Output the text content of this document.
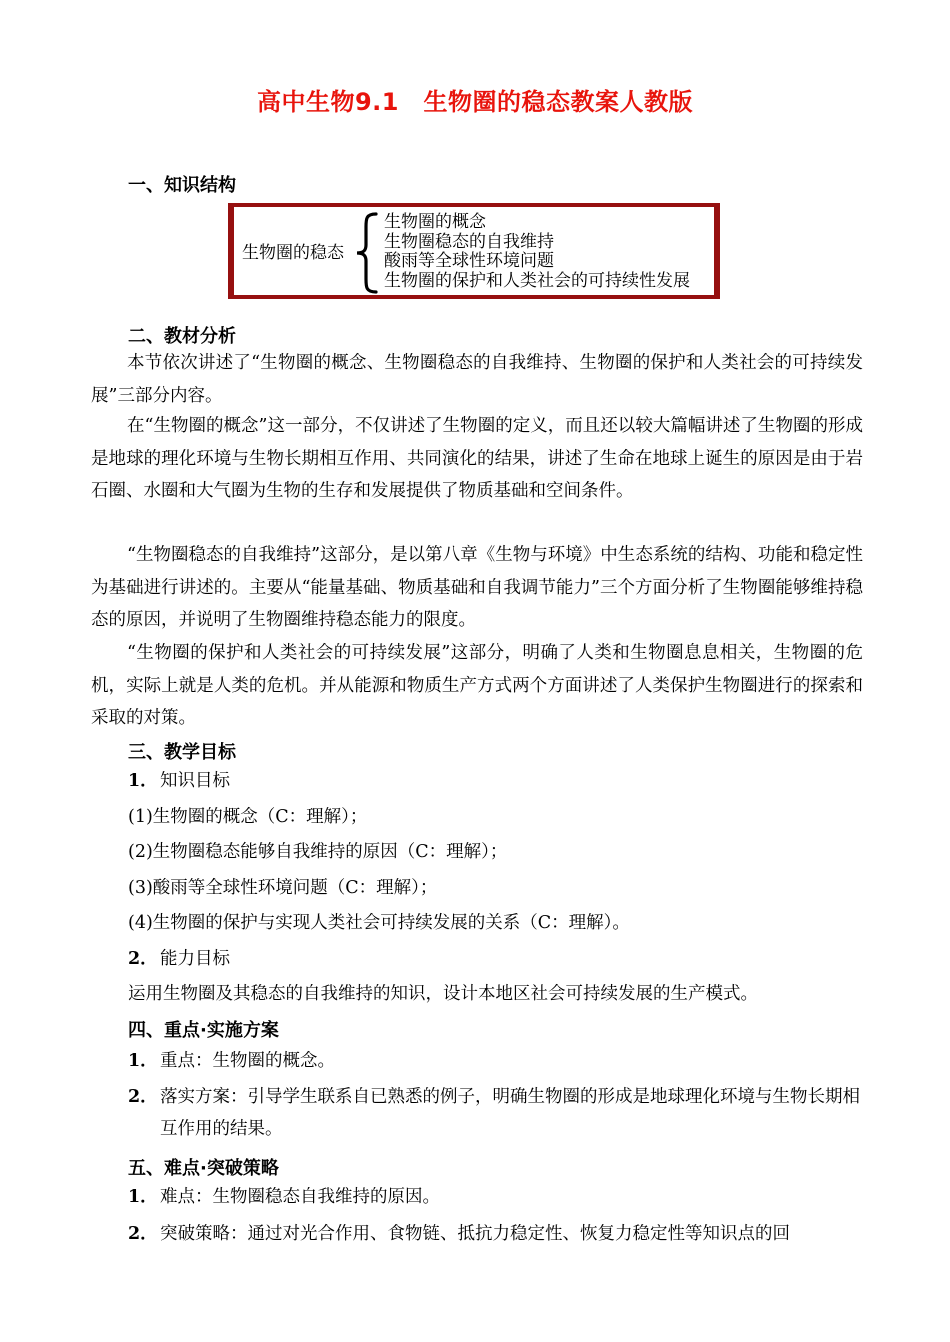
高中生物9.1　生物圈的稳态教案人教版
一、知识结构
生物圈的稳态
生物圈的概念
生物圈稳态的自我维持
酸雨等全球性环境问题
生物圈的保护和人类社会的可持续性发展
二、教材分析
本节依次讲述了“生物圈的概念、生物圈稳态的自我维持、生物圈的保护和人类社会的可持续发展”三部分内容。
在“生物圈的概念”这一部分，不仅讲述了生物圈的定义，而且还以较大篇幅讲述了生物圈的形成是地球的理化环境与生物长期相互作用、共同演化的结果，讲述了生命在地球上诞生的原因是由于岩石圈、水圈和大气圈为生物的生存和发展提供了物质基础和空间条件。
“生物圈稳态的自我维持”这部分，是以第八章《生物与环境》中生态系统的结构、功能和稳定性为基础进行讲述的。主要从“能量基础、物质基础和自我调节能力”三个方面分析了生物圈能够维持稳态的原因，并说明了生物圈维持稳态能力的限度。
“生物圈的保护和人类社会的可持续发展”这部分，明确了人类和生物圈息息相关，生物圈的危机，实际上就是人类的危机。并从能源和物质生产方式两个方面讲述了人类保护生物圈进行的探索和采取的对策。
三、教学目标
1． 知识目标
(1)生物圈的概念（C：理解）；
(2)生物圈稳态能够自我维持的原因（C：理解）；
(3)酸雨等全球性环境问题（C：理解）；
(4)生物圈的保护与实现人类社会可持续发展的关系（C：理解）。
2． 能力目标
运用生物圈及其稳态的自我维持的知识，设计本地区社会可持续发展的生产模式。
四、重点·实施方案
1． 重点：生物圈的概念。
2． 落实方案：引导学生联系自已熟悉的例子，明确生物圈的形成是地球理化环境与生物长期相互作用的结果。
五、难点·突破策略
1． 难点：生物圈稳态自我维持的原因。
2． 突破策略：通过对光合作用、食物链、抵抗力稳定性、恢复力稳定性等知识点的回
